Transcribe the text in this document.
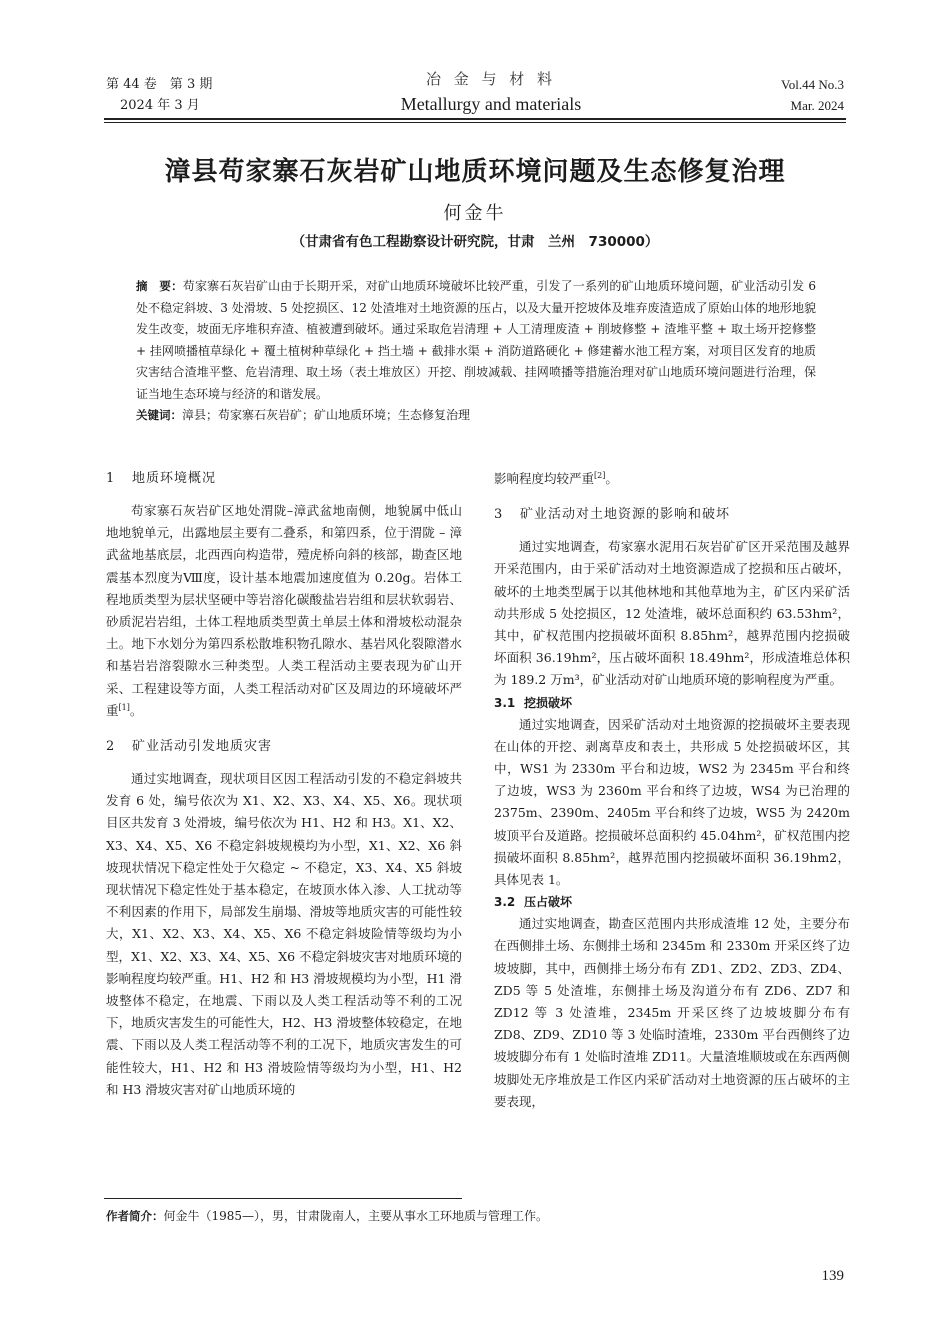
第 44 卷　第 3 期
2024 年 3 月
冶 金 与 材 料
Metallurgy and materials
Vol.44 No.3
Mar. 2024
漳县苟家寨石灰岩矿山地质环境问题及生态修复治理
何金牛
（甘肃省有色工程勘察设计研究院，甘肃　兰州　730000）
摘　要：苟家寨石灰岩矿山由于长期开采，对矿山地质环境破坏比较严重，引发了一系列的矿山地质环境问题，矿业活动引发 6 处不稳定斜坡、3 处滑坡、5 处挖损区、12 处渣堆对土地资源的压占，以及大量开挖坡体及堆弃废渣造成了原始山体的地形地貌发生改变，坡面无序堆积弃渣、植被遭到破坏。通过采取危岩清理 + 人工清理废渣 + 削坡修整 + 渣堆平整 + 取土场开挖修整 + 挂网喷播植草绿化 + 覆土植树种草绿化 + 挡土墙 + 截排水渠 + 消防道路硬化 + 修建蓄水池工程方案，对项目区发育的地质灾害结合渣堆平整、危岩清理、取土场（表土堆放区）开挖、削坡减载、挂网喷播等措施治理对矿山地质环境问题进行治理，保证当地生态环境与经济的和谐发展。
关键词：漳县；苟家寨石灰岩矿；矿山地质环境；生态修复治理
1 地质环境概况

苟家寨石灰岩矿区地处渭陇–漳武盆地南侧，地貌属中低山地地貌单元，出露地层主要有二叠系，和第四系，位于渭陇 – 漳武盆地基底层，北西西向构造带，殪虎桥向斜的核部，勘查区地震基本烈度为Ⅷ度，设计基本地震加速度值为 0.20g。岩体工程地质类型为层状坚硬中等岩溶化碳酸盐岩岩组和层状软弱岩、砂质泥岩岩组，土体工程地质类型黄土单层土体和滑坡松动混杂土。地下水划分为第四系松散堆积物孔隙水、基岩风化裂隙潜水和基岩岩溶裂隙水三种类型。人类工程活动主要表现为矿山开采、工程建设等方面，人类工程活动对矿区及周边的环境破坏严重[1]。

2 矿业活动引发地质灾害

通过实地调查，现状项目区因工程活动引发的不稳定斜坡共发育 6 处，编号依次为 X1、X2、X3、X4、X5、X6。现状项目区共发育 3 处滑坡，编号依次为 H1、H2 和 H3。X1、X2、X3、X4、X5、X6 不稳定斜坡规模均为小型，X1、X2、X6 斜坡现状情况下稳定性处于欠稳定 ~ 不稳定，X3、X4、X5 斜坡现状情况下稳定性处于基本稳定，在坡顶水体入渗、人工扰动等不利因素的作用下，局部发生崩塌、滑坡等地质灾害的可能性较大，X1、X2、X3、X4、X5、X6 不稳定斜坡险情等级均为小型，X1、X2、X3、X4、X5、X6 不稳定斜坡灾害对地质环境的影响程度均较严重。H1、H2 和 H3 滑坡规模均为小型，H1 滑坡整体不稳定，在地震、下雨以及人类工程活动等不利的工况下，地质灾害发生的可能性大，H2、H3 滑坡整体较稳定，在地震、下雨以及人类工程活动等不利的工况下，地质灾害发生的可能性较大，H1、H2 和 H3 滑坡险情等级均为小型，H1、H2 和 H3 滑坡灾害对矿山地质环境的

影响程度均较严重[2]。

3 矿业活动对土地资源的影响和破坏

通过实地调查，苟家寨水泥用石灰岩矿矿区开采范围及越界开采范围内，由于采矿活动对土地资源造成了挖损和压占破坏，破坏的土地类型属于以其他林地和其他草地为主，矿区内采矿活动共形成 5 处挖损区，12 处渣堆，破坏总面积约 63.53hm²，其中，矿权范围内挖损破坏面积 8.85hm²，越界范围内挖损破坏面积 36.19hm²，压占破坏面积 18.49hm²，形成渣堆总体积为 189.2 万m³，矿业活动对矿山地质环境的影响程度为严重。

3.1 挖损破坏

通过实地调查，因采矿活动对土地资源的挖损破坏主要表现在山体的开挖、剥离草皮和表土，共形成 5 处挖损破坏区，其中，WS1 为 2330m 平台和边坡，WS2 为 2345m 平台和终了边坡，WS3 为 2360m 平台和终了边坡，WS4 为已治理的 2375m、2390m、2405m 平台和终了边坡，WS5 为 2420m 坡顶平台及道路。挖损破坏总面积约 45.04hm²，矿权范围内挖损破坏面积 8.85hm²，越界范围内挖损破坏面积 36.19hm2，具体见表 1。

3.2 压占破坏

通过实地调查，勘查区范围内共形成渣堆 12 处，主要分布在西侧排土场、东侧排土场和 2345m 和 2330m 开采区终了边坡坡脚，其中，西侧排土场分布有 ZD1、ZD2、ZD3、ZD4、ZD5 等 5 处渣堆，东侧排土场及沟道分布有 ZD6、ZD7 和 ZD12 等 3 处渣堆，2345m 开采区终了边坡坡脚分布有 ZD8、ZD9、ZD10 等 3 处临时渣堆，2330m 平台西侧终了边坡坡脚分布有 1 处临时渣堆 ZD11。大量渣堆顺坡或在东西两侧坡脚处无序堆放是工作区内采矿活动对土地资源的压占破坏的主要表现，

作者简介：何金牛（1985—），男，甘肃陇南人，主要从事水工环地质与管理工作。
139
